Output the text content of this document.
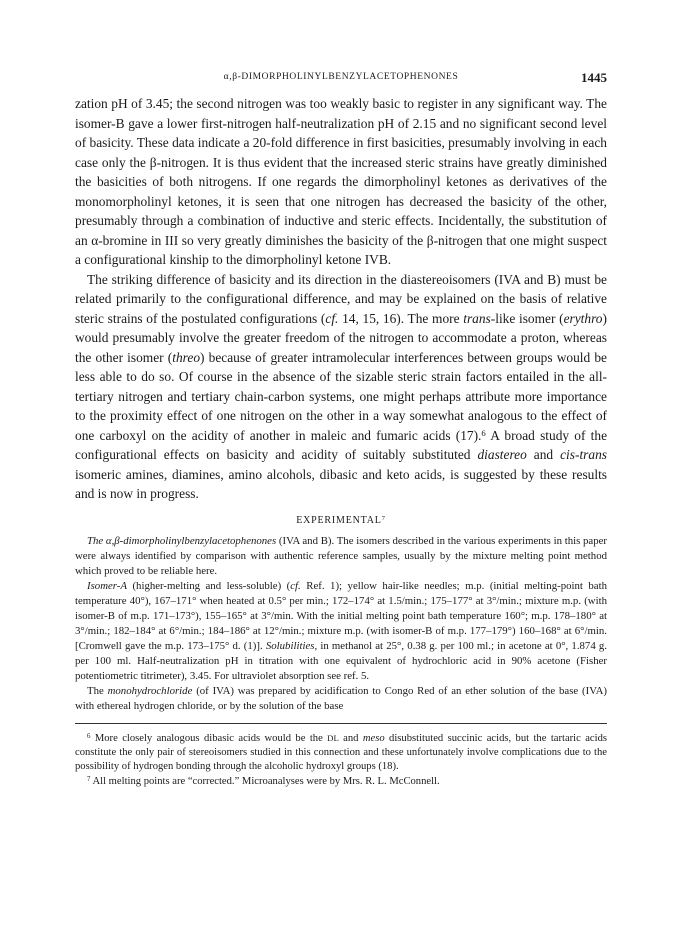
α,β-DIMORPHOLINYLBENZYLACETOPHENONES	1445

zation pH of 3.45; the second nitrogen was too weakly basic to register in any significant way. The isomer-B gave a lower first-nitrogen half-neutralization pH of 2.15 and no significant second level of basicity. These data indicate a 20-fold difference in first basicities, presumably involving in each case only the β-nitrogen. It is thus evident that the increased steric strains have greatly diminished the basicities of both nitrogens. If one regards the dimorpholinyl ketones as derivatives of the monomorpholinyl ketones, it is seen that one nitrogen has decreased the basicity of the other, presumably through a combination of inductive and steric effects. Incidentally, the substitution of an α-bromine in III so very greatly diminishes the basicity of the β-nitrogen that one might suspect a configurational kinship to the dimorpholinyl ketone IVB.

The striking difference of basicity and its direction in the diastereoisomers (IVA and B) must be related primarily to the configurational difference, and may be explained on the basis of relative steric strains of the postulated configurations (cf. 14, 15, 16). The more trans-like isomer (erythro) would presumably involve the greater freedom of the nitrogen to accommodate a proton, whereas the other isomer (threo) because of greater intramolecular interferences between groups would be less able to do so. Of course in the absence of the sizable steric strain factors entailed in the all-tertiary nitrogen and tertiary chain-carbon systems, one might perhaps attribute more importance to the proximity effect of one nitrogen on the other in a way somewhat analogous to the effect of one carboxyl on the acidity of another in maleic and fumaric acids (17).$^6$ A broad study of the configurational effects on basicity and acidity of suitably substituted diastereo and cis-trans isomeric amines, diamines, amino alcohols, dibasic and keto acids, is suggested by these results and is now in progress.

EXPERIMENTAL$^7$

The α,β-dimorpholinylbenzylacetophenones (IVA and B). The isomers described in the various experiments in this paper were always identified by comparison with authentic reference samples, usually by the mixture melting point method which proved to be reliable here.

Isomer-A (higher-melting and less-soluble) (cf. Ref. 1); yellow hair-like needles; m.p. (initial melting-point bath temperature 40°), 167–171° when heated at 0.5° per min.; 172–174° at 1.5/min.; 175–177° at 3°/min.; mixture m.p. (with isomer-B of m.p. 171–173°), 155–165° at 3°/min. With the initial melting point bath temperature 160°; m.p. 178–180° at 3°/min.; 182–184° at 6°/min.; 184–186° at 12°/min.; mixture m.p. (with isomer-B of m.p. 177–179°) 160–168° at 6°/min. [Cromwell gave the m.p. 173–175° d. (1)]. Solubilities, in methanol at 25°, 0.38 g. per 100 ml.; in acetone at 0°, 1.874 g. per 100 ml. Half-neutralization pH in titration with one equivalent of hydrochloric acid in 90% acetone (Fisher potentiometric titrimeter), 3.45. For ultraviolet absorption see ref. 5.

The monohydrochloride (of IVA) was prepared by acidification to Congo Red of an ether solution of the base (IVA) with ethereal hydrogen chloride, or by the solution of the base

$^6$ More closely analogous dibasic acids would be the DL and meso disubstituted succinic acids, but the tartaric acids constitute the only pair of stereoisomers studied in this connection and these unfortunately involve complications due to the possibility of hydrogen bonding through the alcoholic hydroxyl groups (18).

$^7$ All melting points are “corrected.” Microanalyses were by Mrs. R. L. McConnell.
